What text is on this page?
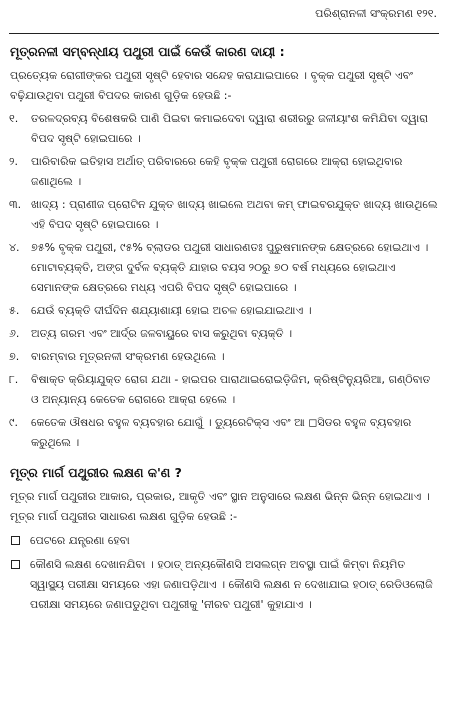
ପରିଶ୍ରାନଳୀ ସଂକ୍ରମଣ ୧୨୧.
ମୂତ୍ରନଳୀ ସମ୍ବନ୍ଧୀୟ ପଥୁରୀ ପାଇଁ କେଉଁ କାରଣ ଦାୟୀ :
ପ୍ରତ୍ୟେକ ରୋଗୀଙ୍କର ପଥୁରୀ ସୃଷ୍ଟି ହେବାର ସନ୍ଦେହ କରାଯାଇପାରେ । ବୃକ୍କ ପଥୁରୀ ସୃଷ୍ଟି ଏବଂ ବଢ଼ିଯାଉଥିବା ପଥୁରୀ ବିପଦର କାରଣ ଗୁଡ଼ିକ ହେଉଛି :-
୧.	ତରଳଦ୍ରବ୍ୟ ବିଶେଷକରି ପାଣି ପିଇବା କମାଇଦେବା ଦ୍ୱାରା ଶରୀରରୁ ଜଳୀୟାଂଶ କମିଯିବା ଦ୍ୱାରା ବିପଦ ସୃଷ୍ଟି ହୋଇପାରେ ।
୨.	ପାରିବାରିକ ଇତିହାସ ଅର୍ଥାତ୍ ପରିବାରରେ କେହି ବୃକ୍କ ପଥୁରୀ ରୋଗରେ ଆକ୍ରା ହୋଇଥିବାର ଜଣାଥିଲେ ।
୩. ଖାଦ୍ୟ : ପ୍ରାଣୀଜ ପ୍ରୋଟିନ ଯୁକ୍ତ ଖାଦ୍ୟ ଖାଇଲେ ଅଥବା କମ୍ ଫାଇବରଯୁକ୍ତ ଖାଦ୍ୟ ଖାଉଥିଲେ ଏହି ବିପଦ ସୃଷ୍ଟି ହୋଇପାରେ ।
୪.	୭୫% ବୃକ୍କ ପଥୁରୀ, ୯୫% ବ୍ଲାଡର ପଥୁରୀ ସାଧାରଣତଃ ପୁରୁଷମାନଙ୍କ କ୍ଷେତ୍ରରେ ହୋଇଥାଏ । ମୋଟାବ୍ୟକ୍ତି, ଅଙ୍ଗ ଦୁର୍ବଳ ବ୍ୟକ୍ତି ଯାହାର ବୟସ ୨୦ରୁ ୭୦ ବର୍ଷ ମଧ୍ୟରେ ହୋଇଥାଏ ସେମାନଙ୍କ କ୍ଷେତ୍ରରେ ମଧ୍ୟ ଏପରି ବିପଦ ସୃଷ୍ଟି ହୋଇପାରେ ।
୫.	ଯେଉଁ ବ୍ୟକ୍ତି ଦୀର୍ଘଦିନ ଶଯ୍ୟାଶାୟୀ ହୋଇ ଅଚଳ ହୋଇଯାଇଥାଏ ।
୬.	ଅତ୍ୟ ଗରମ ଏବଂ ଆର୍ଦ୍ର ଜଳବାୟୁରେ ବାସ କରୁଥିବା ବ୍ୟକ୍ତି ।
୭.	ବାରମ୍ବାର ମୂତ୍ରନଳୀ ସଂକ୍ରମଣ ହେଉଥିଲେ ।
୮.	ବିଷାକ୍ତ କ୍ରିୟାଯୁକ୍ତ ରୋଗ ଯଥା - ହାଇପର ପାରାଥାଇରୋଇଡ଼ିଜିମ, କ୍ରିଷ୍ଟିନ୍ୟୁରିଆ, ଗଣ୍ଠିବାତ ଓ ଅନ୍ୟାନ୍ୟ କେତେକ ରୋଗରେ ଆକ୍ରା ହେଲେ ।
୯.	କେତେକ ଔଷଧର ବହୁଳ ବ୍ୟବହାର ଯୋଗୁଁ । ଡ୍ୟୁରେଟିକ୍ସ ଏବଂ ଆ ◻ସିଡର ବହୁଳ ବ୍ୟବହାର କରୁଥିଲେ ।
ମୂତ୍ର ମାର୍ଗ ପଥୁରୀର ଲକ୍ଷଣ କ'ଣ ?
ମୂତ୍ର ମାର୍ଗ ପଥୁରୀର ଆକାର, ପ୍ରକାର, ଆକୃତି ଏବଂ ସ୍ଥାନ ଅନୁସାରେ ଲକ୍ଷଣ ଭିନ୍ନ ଭିନ୍ନ ହୋଇଥାଏ । ମୂତ୍ର ମାର୍ଗ ପଥୁରୀର ସାଧାରଣ ଲକ୍ଷଣ ଗୁଡ଼ିକ ହେଉଛି :-
ପେଟରେ ଯନ୍ତ୍ରଣା ହେବା
କୌଣସି ଲକ୍ଷଣ ଦେଖାନଯିବା । ହଠାତ୍ ଅନ୍ୟକୌଣସି ଅସଲଗ୍ନ ଅବସ୍ଥା ପାଇଁ କିମ୍ବା ନିୟମିତ ସ୍ୱାସ୍ଥ୍ୟ ପରୀକ୍ଷା ସମୟରେ ଏହା ଜଣାପଡ଼ିଥାଏ । କୌଣସି ଲକ୍ଷଣ ନ ଦେଖାଯାଇ ହଠାତ୍ ରେଡିଓଲୋଜି ପରୀକ୍ଷା ସମୟରେ ଜଣାପଡୁଥିବା ପଥୁରୀକୁ 'ନୀରବ ପଥୁରୀ' କୁହାଯାଏ ।
